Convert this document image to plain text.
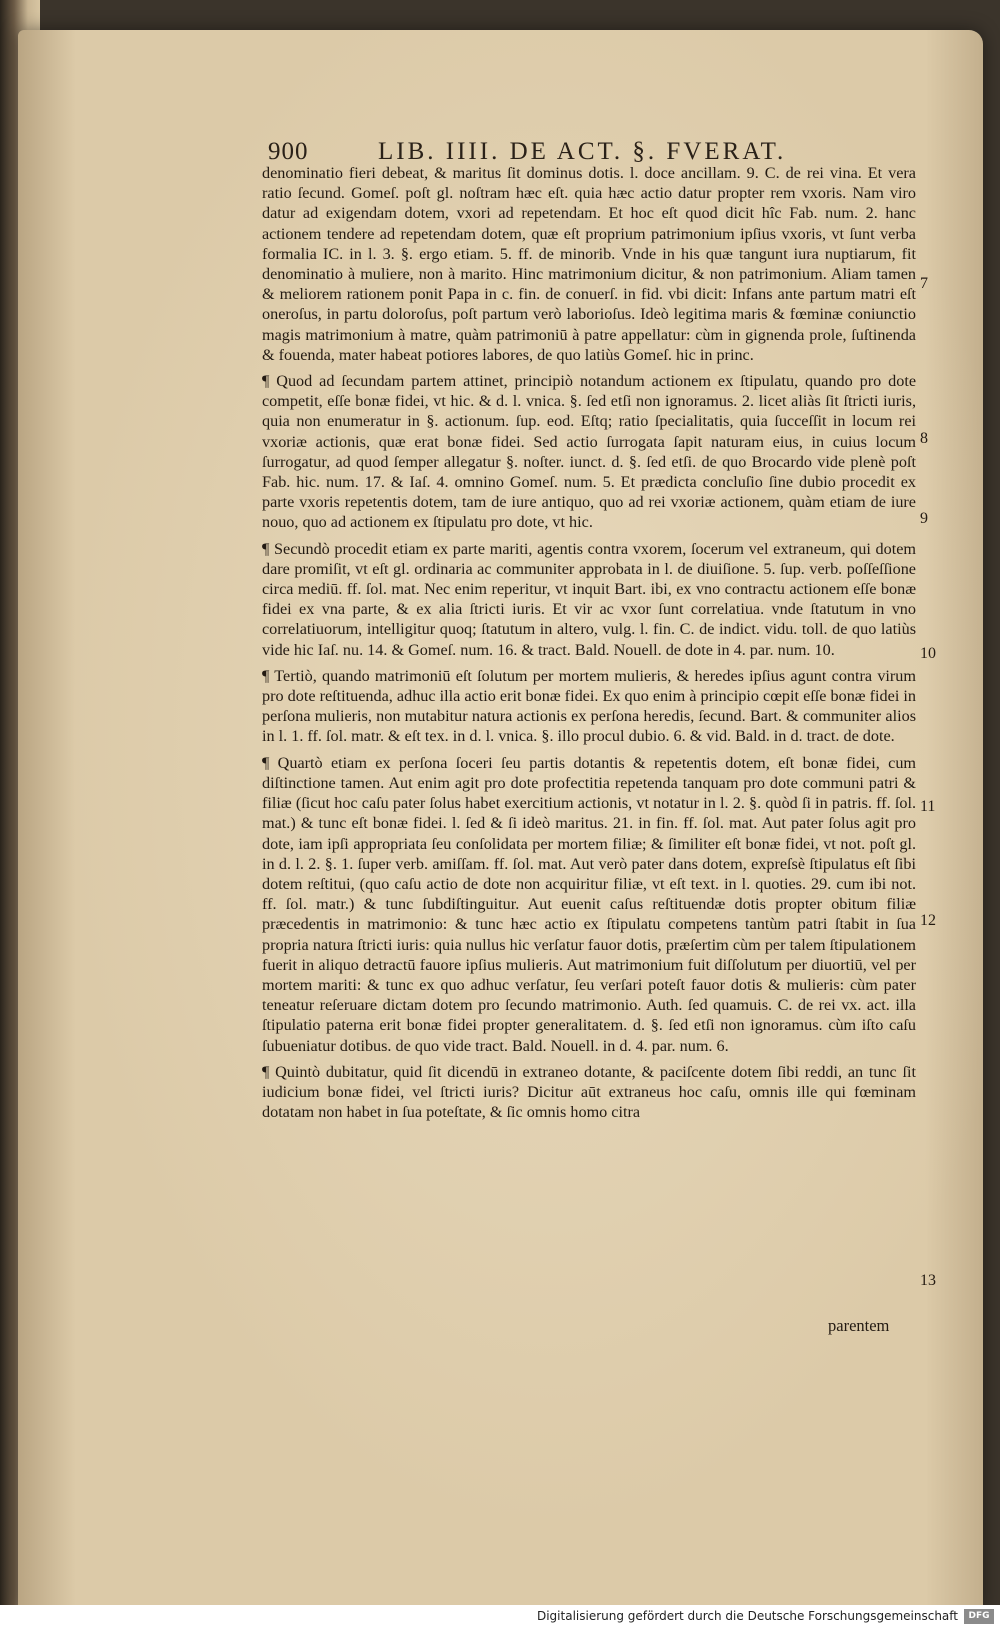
900	LIB. IIII. DE ACT. §. FVERAT.

denominatio fieri debeat, & maritus ſit dominus dotis. l. doce ancillam. 9. C. de rei vina. Et vera ratio ſecund. Gomeſ. poſt gl. noſtram hæc eſt. quia hæc actio datur propter rem vxoris. Nam viro datur ad exigendam dotem, vxori ad repetendam. Et hoc eſt quod dicit hîc Fab. num. 2. hanc actionem tendere ad repetendam dotem, quæ eſt proprium patrimonium ipſius vxoris, vt ſunt verba formalia IC. in l. 3. §. ergo etiam. 5. ff. de minorib. Vnde in his quæ tangunt iura nuptiarum, fit denominatio à muliere, non à marito. Hinc matrimonium dicitur, & non patrimonium. Aliam tamen & meliorem rationem ponit Papa in c. fin. de conuerſ. in fid. vbi dicit: Infans ante partum matri eſt oneroſus, in partu doloroſus, poſt partum verò laborioſus. Ideò legitima maris & fœminæ coniunctio magis matrimonium à matre, quàm patrimoniū à patre appellatur: cùm in gignenda prole, ſuſtinenda & fouenda, mater habeat potiores labores, de quo latiùs Gomeſ. hic in princ.

¶ Quod ad ſecundam partem attinet, principiò notandum actionem ex ſtipulatu, quando pro dote competit, eſſe bonæ fidei, vt hic. & d. l. vnica. §. ſed etſi non ignoramus. 2. licet aliàs ſit ſtricti iuris, quia non enumeratur in §. actionum. ſup. eod. Eſtq; ratio ſpecialitatis, quia ſucceſſit in locum rei vxoriæ actionis, quæ erat bonæ fidei. Sed actio ſurrogata ſapit naturam eius, in cuius locum ſurrogatur, ad quod ſemper allegatur §. noſter. iunct. d. §. ſed etſi. de quo Brocardo vide plenè poſt Fab. hic. num. 17. & Iaſ. 4. omnino Gomeſ. num. 5. Et prædicta concluſio ſine dubio procedit ex parte vxoris repetentis dotem, tam de iure antiquo, quo ad rei vxoriæ actionem, quàm etiam de iure nouo, quo ad actionem ex ſtipulatu pro dote, vt hic.

¶ Secundò procedit etiam ex parte mariti, agentis contra vxorem, ſocerum vel extraneum, qui dotem dare promiſit, vt eſt gl. ordinaria ac communiter approbata in l. de diuiſione. 5. ſup. verb. poſſeſſione circa mediū. ff. ſol. mat. Nec enim reperitur, vt inquit Bart. ibi, ex vno contractu actionem eſſe bonæ fidei ex vna parte, & ex alia ſtricti iuris. Et vir ac vxor ſunt correlatiua. vnde ſtatutum in vno correlatiuorum, intelligitur quoq; ſtatutum in altero, vulg. l. fin. C. de indict. vidu. toll. de quo latiùs vide hic Iaſ. nu. 14. & Gomeſ. num. 16. & tract. Bald. Nouell. de dote in 4. par. num. 10.

¶ Tertiò, quando matrimoniū eſt ſolutum per mortem mulieris, & heredes ipſius agunt contra virum pro dote reſtituenda, adhuc illa actio erit bonæ fidei. Ex quo enim à principio cœpit eſſe bonæ fidei in perſona mulieris, non mutabitur natura actionis ex perſona heredis, ſecund. Bart. & communiter alios in l. 1. ff. ſol. matr. & eſt tex. in d. l. vnica. §. illo procul dubio. 6. & vid. Bald. in d. tract. de dote.

¶ Quartò etiam ex perſona ſoceri ſeu partis dotantis & repetentis dotem, eſt bonæ fidei, cum diſtinctione tamen. Aut enim agit pro dote profectitia repetenda tanquam pro dote communi patri & filiæ (ſicut hoc caſu pater ſolus habet exercitium actionis, vt notatur in l. 2. §. quòd ſi in patris. ff. ſol. mat.) & tunc eſt bonæ fidei. l. ſed & ſi ideò maritus. 21. in fin. ff. ſol. mat. Aut pater ſolus agit pro dote, iam ipſi appropriata ſeu conſolidata per mortem filiæ; & ſimiliter eſt bonæ fidei, vt not. poſt gl. in d. l. 2. §. 1. ſuper verb. amiſſam. ff. ſol. mat. Aut verò pater dans dotem, expreſsè ſtipulatus eſt ſibi dotem reſtitui, (quo caſu actio de dote non acquiritur filiæ, vt eſt text. in l. quoties. 29. cum ibi not. ff. ſol. matr.) & tunc ſubdiſtinguitur. Aut euenit caſus reſtituendæ dotis propter obitum filiæ præcedentis in matrimonio: & tunc hæc actio ex ſtipulatu competens tantùm patri ſtabit in ſua propria natura ſtricti iuris: quia nullus hic verſatur fauor dotis, præſertim cùm per talem ſtipulationem fuerit in aliquo detractū fauore ipſius mulieris. Aut matrimonium fuit diſſolutum per diuortiū, vel per mortem mariti: & tunc ex quo adhuc verſatur, ſeu verſari poteſt fauor dotis & mulieris: cùm pater teneatur reſeruare dictam dotem pro ſecundo matrimonio. Auth. ſed quamuis. C. de rei vx. act. illa ſtipulatio paterna erit bonæ fidei propter generalitatem. d. §. ſed etſi non ignoramus. cùm iſto caſu ſubueniatur dotibus. de quo vide tract. Bald. Nouell. in d. 4. par. num. 6.

¶ Quintò dubitatur, quid ſit dicendū in extraneo dotante, & paciſcente dotem ſibi reddi, an tunc ſit iudicium bonæ fidei, vel ſtricti iuris? Dicitur aūt extraneus hoc caſu, omnis ille qui fœminam dotatam non habet in ſua poteſtate, & ſic omnis homo citra

7
8
9
10
11
12
13
parentem
Digitalisierung gefördert durch die Deutsche Forschungsgemeinschaft	DFG
